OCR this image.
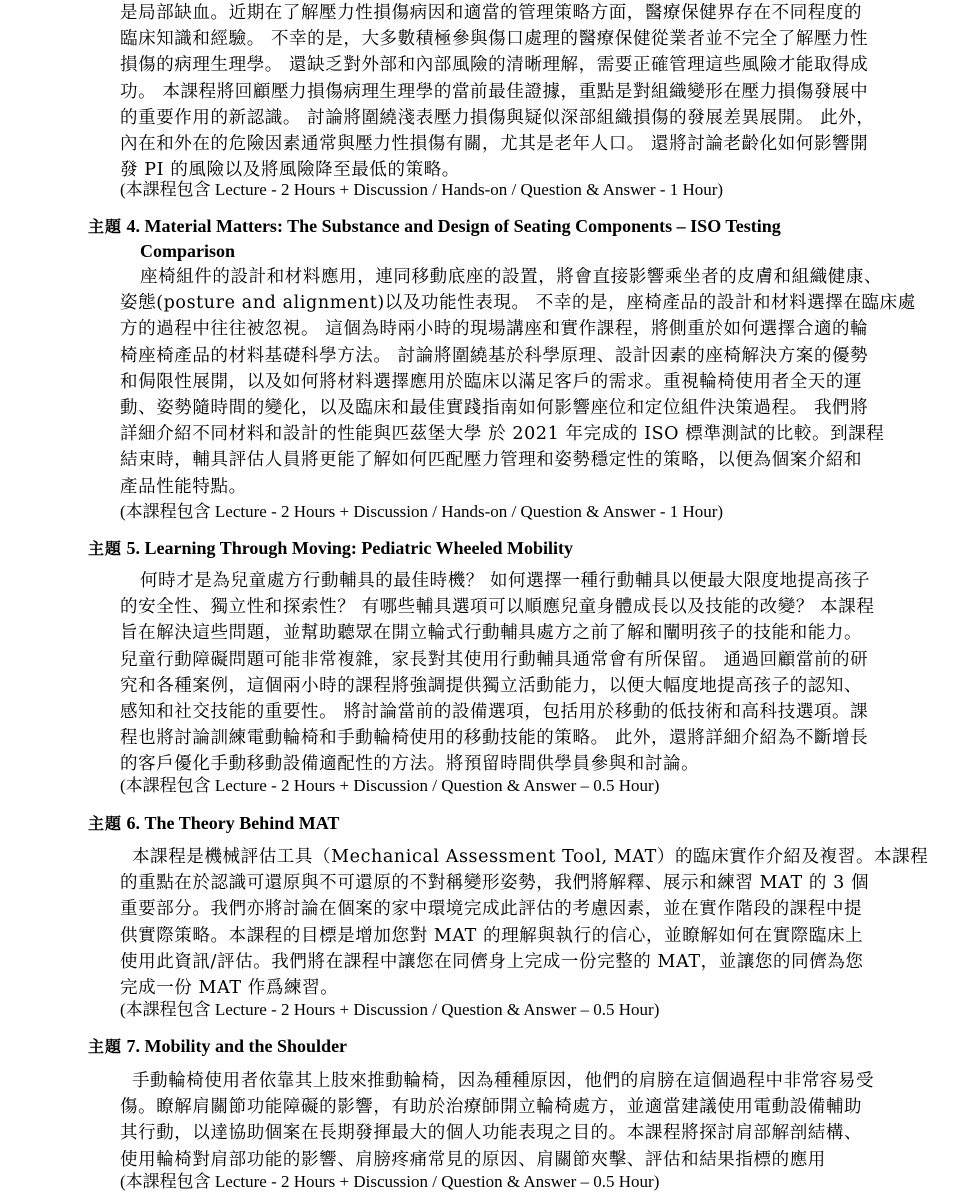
是局部缺血。近期在了解壓力性損傷病因和適當的管理策略方面，醫療保健界存在不同程度的
臨床知識和經驗。 不幸的是，大多數積極參與傷口處理的醫療保健從業者並不完全了解壓力性
損傷的病理生理學。 還缺乏對外部和內部風險的清晰理解，需要正確管理這些風險才能取得成
功。 本課程將回顧壓力損傷病理生理學的當前最佳證據，重點是對組織變形在壓力損傷發展中
的重要作用的新認識。 討論將圍繞淺表壓力損傷與疑似深部組織損傷的發展差異展開。 此外，
內在和外在的危險因素通常與壓力性損傷有關，尤其是老年人口。 還將討論老齡化如何影響開
發 PI 的風險以及將風險降至最低的策略。
(本課程包含 Lecture - 2 Hours + Discussion / Hands-on / Question & Answer - 1 Hour)
主題 4. Material Matters: The Substance and Design of Seating Components – ISO Testing
Comparison
座椅組件的設計和材料應用，連同移動底座的設置，將會直接影響乘坐者的皮膚和組織健康、
姿態(posture and alignment)以及功能性表現。 不幸的是，座椅產品的設計和材料選擇在臨床處
方的過程中往往被忽視。 這個為時兩小時的現場講座和實作課程，將側重於如何選擇合適的輪
椅座椅產品的材料基礎科學方法。 討論將圍繞基於科學原理、設計因素的座椅解決方案的優勢
和侷限性展開，以及如何將材料選擇應用於臨床以滿足客戶的需求。重視輪椅使用者全天的運
動、姿勢隨時間的變化，以及臨床和最佳實踐指南如何影響座位和定位組件決策過程。 我們將
詳細介紹不同材料和設計的性能與匹茲堡大學 於 2021 年完成的 ISO 標準測試的比較。到課程
結束時，輔具評估人員將更能了解如何匹配壓力管理和姿勢穩定性的策略，以便為個案介紹和
產品性能特點。
(本課程包含 Lecture - 2 Hours + Discussion / Hands-on / Question & Answer - 1 Hour)
主題 5. Learning Through Moving: Pediatric Wheeled Mobility
何時才是為兒童處方行動輔具的最佳時機？ 如何選擇一種行動輔具以便最大限度地提高孩子
的安全性、獨立性和探索性？ 有哪些輔具選項可以順應兒童身體成長以及技能的改變？ 本課程
旨在解決這些問題，並幫助聽眾在開立輪式行動輔具處方之前了解和闡明孩子的技能和能力。
兒童行動障礙問題可能非常複雜，家長對其使用行動輔具通常會有所保留。 通過回顧當前的研
究和各種案例，這個兩小時的課程將強調提供獨立活動能力，以便大幅度地提高孩子的認知、
感知和社交技能的重要性。 將討論當前的設備選項，包括用於移動的低技術和高科技選項。課
程也將討論訓練電動輪椅和手動輪椅使用的移動技能的策略。 此外，還將詳細介紹為不斷增長
的客戶優化手動移動設備適配性的方法。將預留時間供學員參與和討論。
(本課程包含 Lecture - 2 Hours + Discussion / Question & Answer – 0.5 Hour)
主題 6. The Theory Behind MAT
本課程是機械評估工具（Mechanical Assessment Tool, MAT）的臨床實作介紹及複習。本課程
的重點在於認識可還原與不可還原的不對稱變形姿勢，我們將解釋、展示和練習 MAT 的 3 個
重要部分。我們亦將討論在個案的家中環境完成此評估的考慮因素，並在實作階段的課程中提
供實際策略。本課程的目標是增加您對 MAT 的理解與執行的信心，並瞭解如何在實際臨床上
使用此資訊/評估。我們將在課程中讓您在同儕身上完成一份完整的 MAT，並讓您的同儕為您
完成一份 MAT 作爲練習。
(本課程包含 Lecture - 2 Hours + Discussion / Question & Answer – 0.5 Hour)
主題 7. Mobility and the Shoulder
手動輪椅使用者依靠其上肢來推動輪椅，因為種種原因，他們的肩膀在這個過程中非常容易受
傷。瞭解肩關節功能障礙的影響，有助於治療師開立輪椅處方，並適當建議使用電動設備輔助
其行動，以達協助個案在長期發揮最大的個人功能表現之目的。本課程將探討肩部解剖結構、
使用輪椅對肩部功能的影響、肩膀疼痛常見的原因、肩關節夾擊、評估和結果指標的應用
(本課程包含 Lecture - 2 Hours + Discussion / Question & Answer – 0.5 Hour)
